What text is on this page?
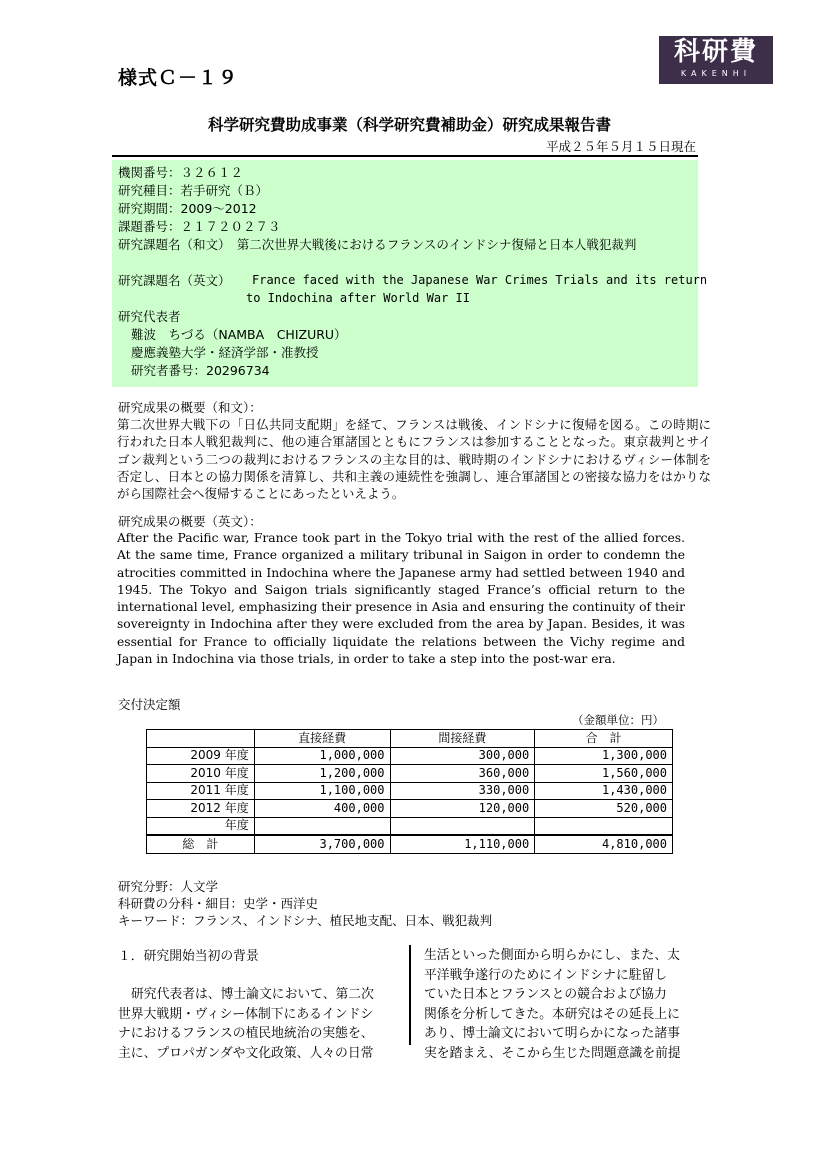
様式Ｃ－１９
科研費
KAKENHI
科学研究費助成事業（科学研究費補助金）研究成果報告書
平成２５年５月１５日現在
機関番号：３２６１２
研究種目：若手研究（Ｂ）
研究期間：2009～2012
課題番号：２１７２０２７３
研究課題名（和文）　第二次世界大戦後におけるフランスのインドシナ復帰と日本人戦犯裁判
研究課題名（英文） France faced with the Japanese War Crimes Trials and its return
to Indochina after World War II
研究代表者
難波　ちづる（NAMBA　CHIZURU）
慶應義塾大学・経済学部・准教授
研究者番号：20296734
研究成果の概要（和文）：
第二次世界大戦下の「日仏共同支配期」を経て、フランスは戦後、インドシナに復帰を図る。この時期に行われた日本人戦犯裁判に、他の連合軍諸国とともにフランスは参加することとなった。東京裁判とサイゴン裁判という二つの裁判におけるフランスの主な目的は、戦時期のインドシナにおけるヴィシー体制を否定し、日本との協力関係を清算し、共和主義の連続性を強調し、連合軍諸国との密接な協力をはかりながら国際社会へ復帰することにあったといえよう。
研究成果の概要（英文）：
After the Pacific war, France took part in the Tokyo trial with the rest of the allied forces. At the same time, France organized a military tribunal in Saigon in order to condemn the atrocities committed in Indochina where the Japanese army had settled between 1940 and 1945. The Tokyo and Saigon trials significantly staged France’s official return to the international level, emphasizing their presence in Asia and ensuring the continuity of their sovereignty in Indochina after they were excluded from the area by Japan. Besides, it was essential for France to officially liquidate the relations between the Vichy regime and Japan in Indochina via those trials, in order to take a step into the post-war era.
交付決定額
（金額単位：円）
	直接経費	間接経費	合　計
2009 年度	1,000,000	300,000	1,300,000
2010 年度	1,200,000	360,000	1,560,000
2011 年度	1,100,000	330,000	1,430,000
2012 年度	400,000	120,000	520,000
年度			
総　計	3,700,000	1,110,000	4,810,000
研究分野：人文学
科研費の分科・細目：史学・西洋史
キーワード：フランス、インドシナ、植民地支配、日本、戦犯裁判
１．研究開始当初の背景
研究代表者は、博士論文において、第二次
世界大戦期・ヴィシー体制下にあるインドシ
ナにおけるフランスの植民地統治の実態を、
主に、プロパガンダや文化政策、人々の日常
生活といった側面から明らかにし、また、太
平洋戦争遂行のためにインドシナに駐留し
ていた日本とフランスとの競合および協力
関係を分析してきた。本研究はその延長上に
あり、博士論文において明らかになった諸事
実を踏まえ、そこから生じた問題意識を前提
